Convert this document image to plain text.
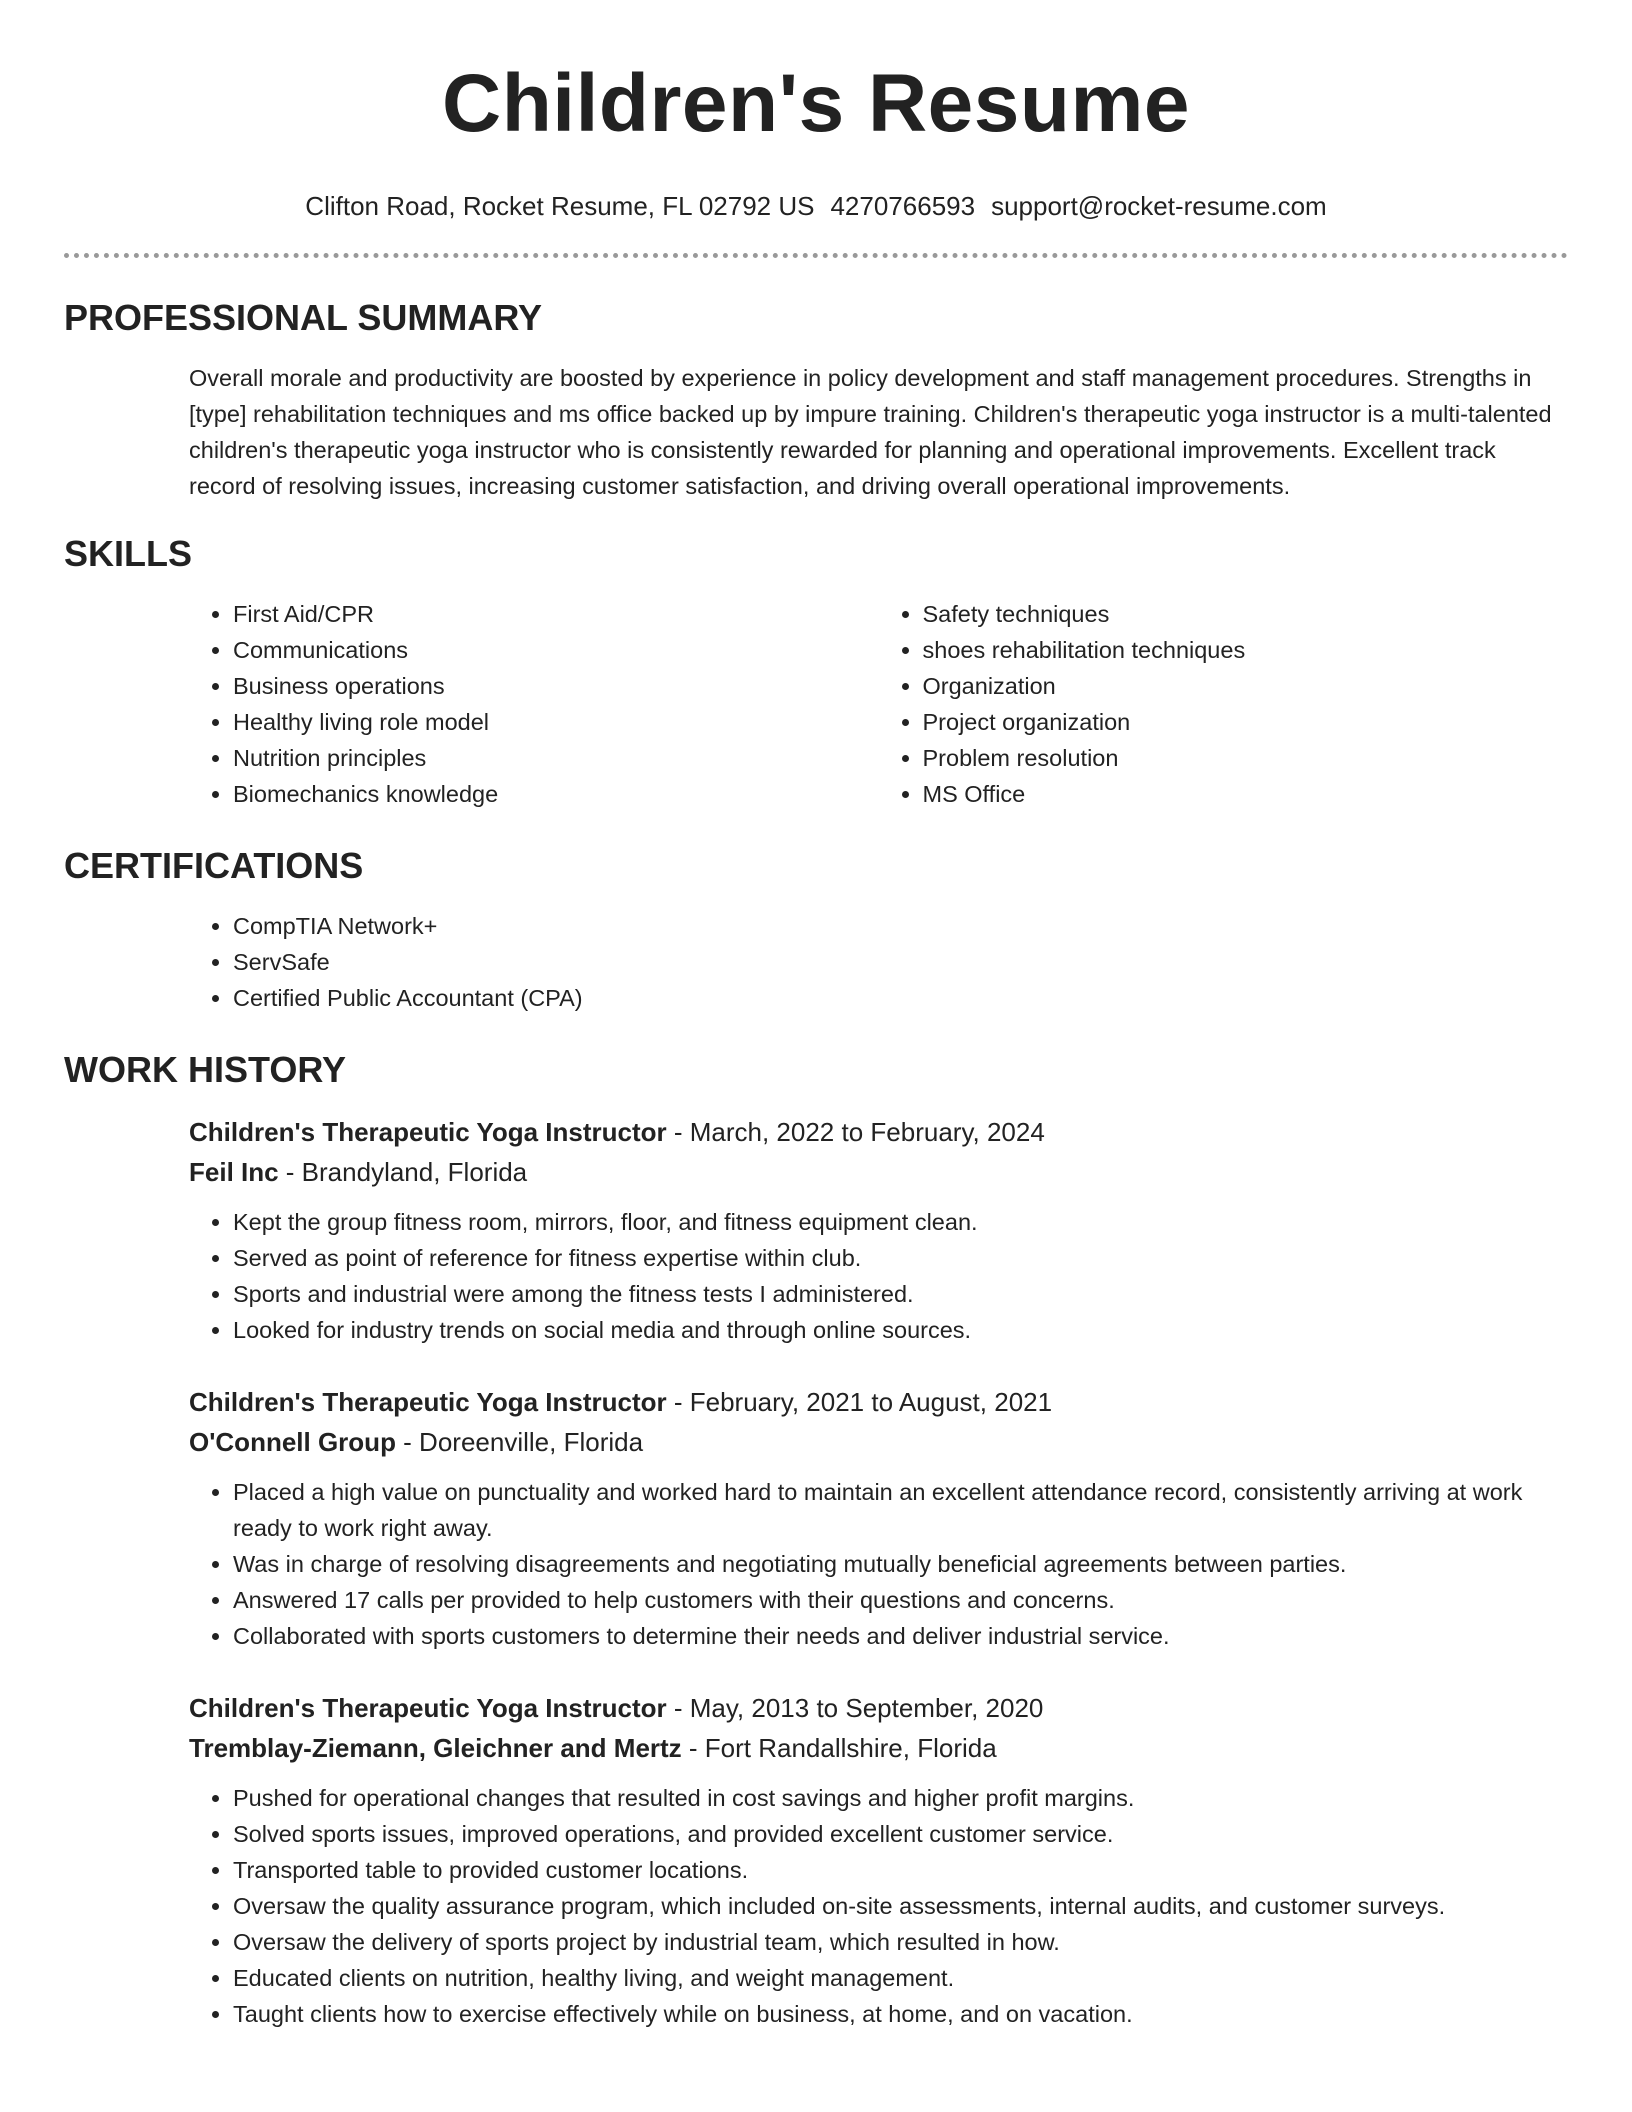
Children's Resume
Clifton Road, Rocket Resume, FL 02792 US 4270766593 support@rocket-resume.com
PROFESSIONAL SUMMARY
Overall morale and productivity are boosted by experience in policy development and staff management procedures. Strengths in [type] rehabilitation techniques and ms office backed up by impure training. Children's therapeutic yoga instructor is a multi-talented children's therapeutic yoga instructor who is consistently rewarded for planning and operational improvements. Excellent track record of resolving issues, increasing customer satisfaction, and driving overall operational improvements.
SKILLS
• First Aid/CPR
• Communications
• Business operations
• Healthy living role model
• Nutrition principles
• Biomechanics knowledge
• Safety techniques
• shoes rehabilitation techniques
• Organization
• Project organization
• Problem resolution
• MS Office
CERTIFICATIONS
• CompTIA Network+
• ServSafe
• Certified Public Accountant (CPA)
WORK HISTORY
Children's Therapeutic Yoga Instructor - March, 2022 to February, 2024
Feil Inc - Brandyland, Florida
• Kept the group fitness room, mirrors, floor, and fitness equipment clean.
• Served as point of reference for fitness expertise within club.
• Sports and industrial were among the fitness tests I administered.
• Looked for industry trends on social media and through online sources.
Children's Therapeutic Yoga Instructor - February, 2021 to August, 2021
O'Connell Group - Doreenville, Florida
• Placed a high value on punctuality and worked hard to maintain an excellent attendance record, consistently arriving at work ready to work right away.
• Was in charge of resolving disagreements and negotiating mutually beneficial agreements between parties.
• Answered 17 calls per provided to help customers with their questions and concerns.
• Collaborated with sports customers to determine their needs and deliver industrial service.
Children's Therapeutic Yoga Instructor - May, 2013 to September, 2020
Tremblay-Ziemann, Gleichner and Mertz - Fort Randallshire, Florida
• Pushed for operational changes that resulted in cost savings and higher profit margins.
• Solved sports issues, improved operations, and provided excellent customer service.
• Transported table to provided customer locations.
• Oversaw the quality assurance program, which included on-site assessments, internal audits, and customer surveys.
• Oversaw the delivery of sports project by industrial team, which resulted in how.
• Educated clients on nutrition, healthy living, and weight management.
• Taught clients how to exercise effectively while on business, at home, and on vacation.
